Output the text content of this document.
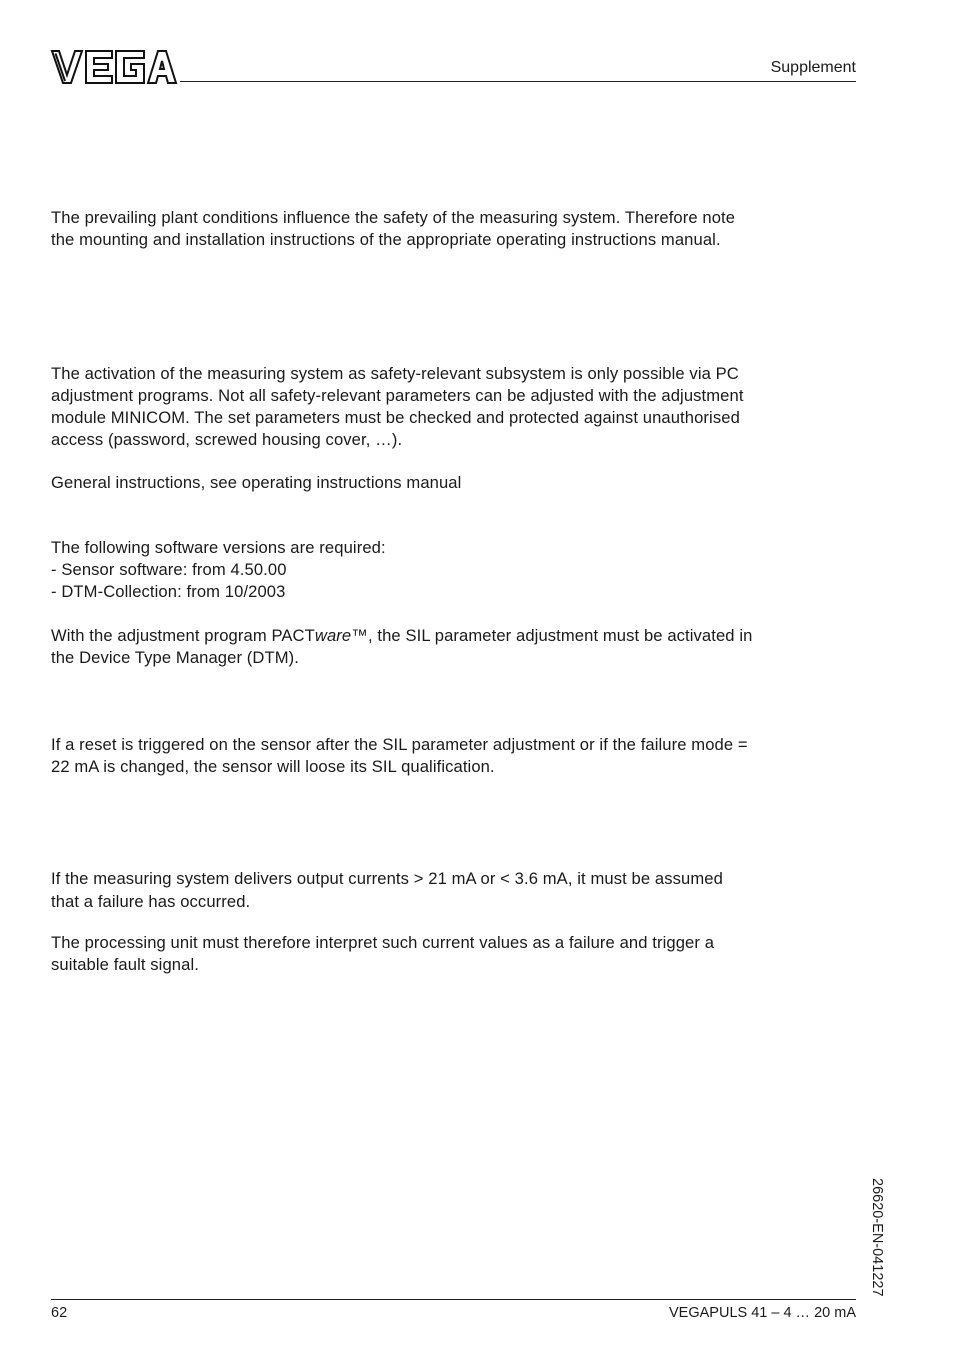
Supplement

The prevailing plant conditions influence the safety of the measuring system. Therefore note
the mounting and installation instructions of the appropriate operating instructions manual.

The activation of the measuring system as safety-relevant subsystem is only possible via PC
adjustment programs. Not all safety-relevant parameters can be adjusted with the adjustment
module MINICOM. The set parameters must be checked and protected against unauthorised
access (password, screwed housing cover, …).

General instructions, see operating instructions manual

The following software versions are required:
- Sensor software: from 4.50.00
- DTM-Collection: from 10/2003

With the adjustment program PACTware™, the SIL parameter adjustment must be activated in
the Device Type Manager (DTM).

If a reset is triggered on the sensor after the SIL parameter adjustment or if the failure mode =
22 mA is changed, the sensor will loose its SIL qualification.

If the measuring system delivers output currents > 21 mA or < 3.6 mA, it must be assumed
that a failure has occurred.

The processing unit must therefore interpret such current values as a failure and trigger a
suitable fault signal.

26620-EN-041227
62	VEGAPULS 41 – 4 … 20 mA
